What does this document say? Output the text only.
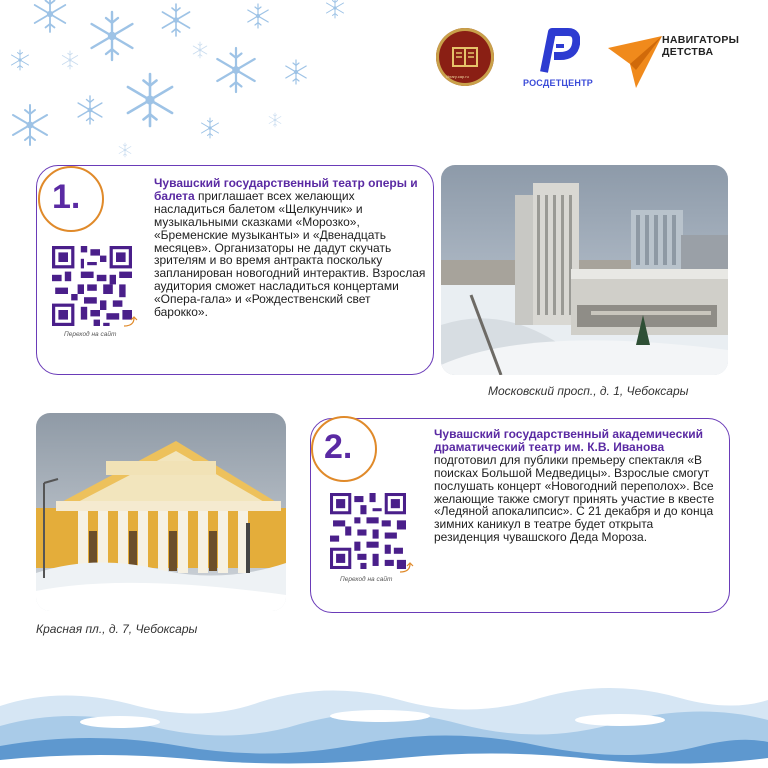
library.cap.ru
РОСДЕТЦЕНТР
НАВИГАТОРЫ
ДЕТСТВА
1.
Переход на сайт
Чувашский государственный театр оперы и балета приглашает всех желающих насладиться балетом «Щелкунчик» и музыкальными сказками «Морозко», «Бременские музыканты» и «Двенадцать месяцев». Организаторы не дадут скучать зрителям и во время антракта поскольку запланирован новогодний интерактив. Взрослая аудитория сможет насладиться концертами «Опера-гала» и «Рождественский свет барокко».
Московский просп., д. 1, Чебоксары
Красная пл., д. 7, Чебоксары
2.
Переход на сайт
Чувашский государственный академический драматический театр им. К.В. Иванова подготовил для публики премьеру спектакля «В поисках Большой Медведицы». Взрослые смогут послушать концерт «Новогодний переполох». Все желающие также смогут принять участие в квесте «Ледяной апокалипсис». С 21 декабря и до конца зимних каникул в театре будет открыта резиденция чувашского Деда Мороза.
